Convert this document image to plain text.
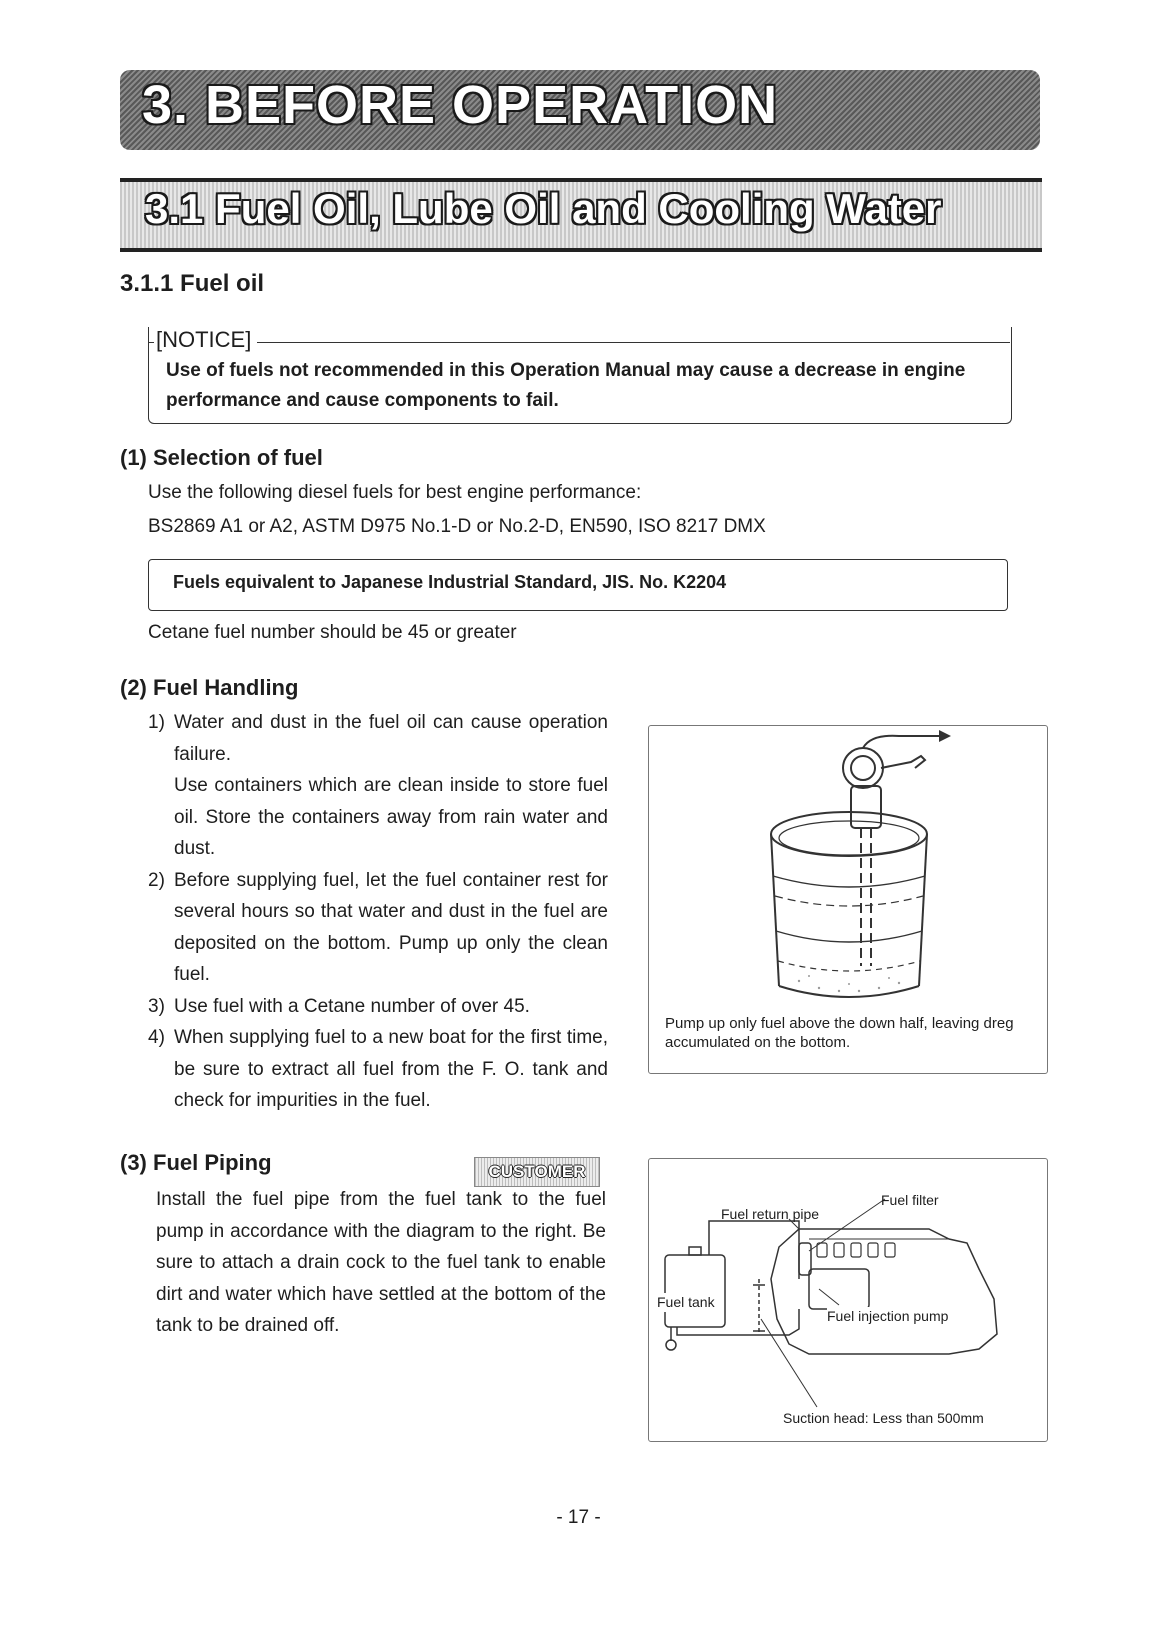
3. BEFORE OPERATION
3.1 Fuel Oil, Lube Oil and Cooling Water
3.1.1 Fuel oil
[NOTICE]
Use of fuels not recommended in this Operation Manual may cause a decrease in engine performance and cause components to fail.
(1) Selection of fuel
Use the following diesel fuels for best engine performance:
BS2869 A1 or A2, ASTM D975 No.1-D or No.2-D, EN590, ISO 8217 DMX
Fuels equivalent to Japanese Industrial Standard, JIS. No. K2204
Cetane fuel number should be 45 or greater
(2) Fuel Handling
1) Water and dust in the fuel oil can cause operation failure.

Use containers which are clean inside to store fuel oil. Store the containers away from rain water and dust.

2) Before supplying fuel, let the fuel container rest for several hours so that water and dust in the fuel are deposited on the bottom. Pump up only the clean fuel.

3) Use fuel with a Cetane number of over 45.

4) When supplying fuel to a new boat for the first time, be sure to extract all fuel from the F. O. tank and check for impurities in the fuel.

Pump up only fuel above the down half, leaving dreg accumulated on the bottom.
(3) Fuel Piping	CUSTOMER
Install the fuel pipe from the fuel tank to the fuel pump in accordance with the diagram to the right. Be sure to attach a drain cock to the fuel tank to enable dirt and water which have settled at the bottom of the tank to be drained off.
Fuel filter
Fuel return pipe
Fuel tank
Fuel injection pump
Suction head: Less than 500mm
- 17 -
